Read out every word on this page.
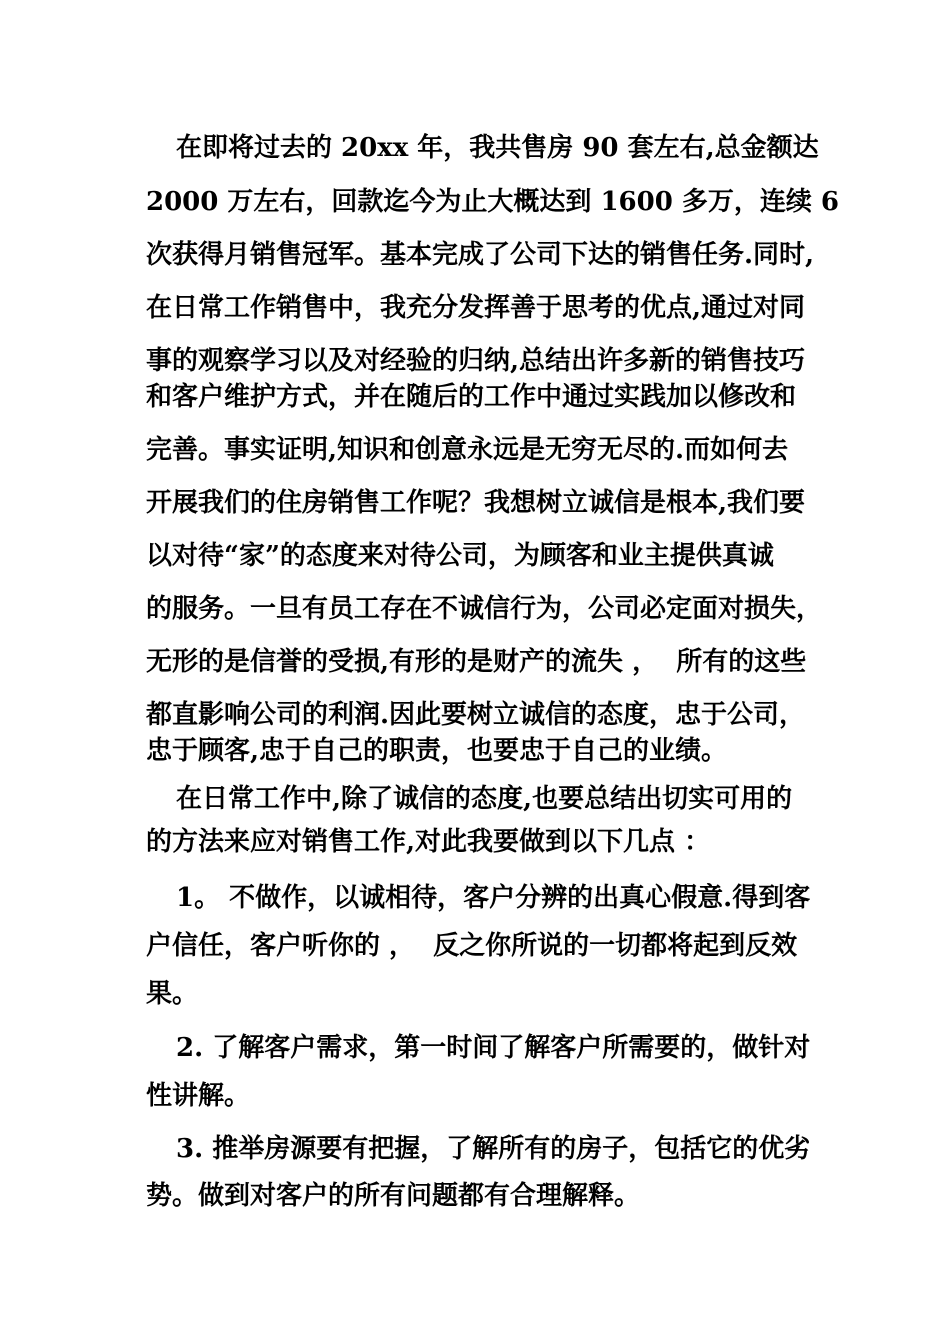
在即将过去的 20xx 年，我共售房 90 套左右,总金额达
2000 万左右，回款迄今为止大概达到 1600 多万，连续 6
次获得月销售冠军。基本完成了公司下达的销售任务.同时,
在日常工作销售中，我充分发挥善于思考的优点,通过对同
事的观察学习以及对经验的归纳,总结出许多新的销售技巧
和客户维护方式，并在随后的工作中通过实践加以修改和
完善。事实证明,知识和创意永远是无穷无尽的.而如何去
开展我们的住房销售工作呢？我想树立诚信是根本,我们要
以对待“家”的态度来对待公司，为顾客和业主提供真诚
的服务。一旦有员工存在不诚信行为，公司必定面对损失，
无形的是信誉的受损,有形的是财产的流失 ，  所有的这些
都直影响公司的利润.因此要树立诚信的态度，忠于公司，
忠于顾客,忠于自己的职责，也要忠于自己的业绩。
在日常工作中,除了诚信的态度,也要总结出切实可用的
的方法来应对销售工作,对此我要做到以下几点 ：
1。 不做作，以诚相待，客户分辨的出真心假意.得到客
户信任，客户听你的 ，  反之你所说的一切都将起到反效
果。
2. 了解客户需求，第一时间了解客户所需要的，做针对
性讲解。
3. 推举房源要有把握，了解所有的房子，包括它的优劣
势。做到对客户的所有问题都有合理解释。
